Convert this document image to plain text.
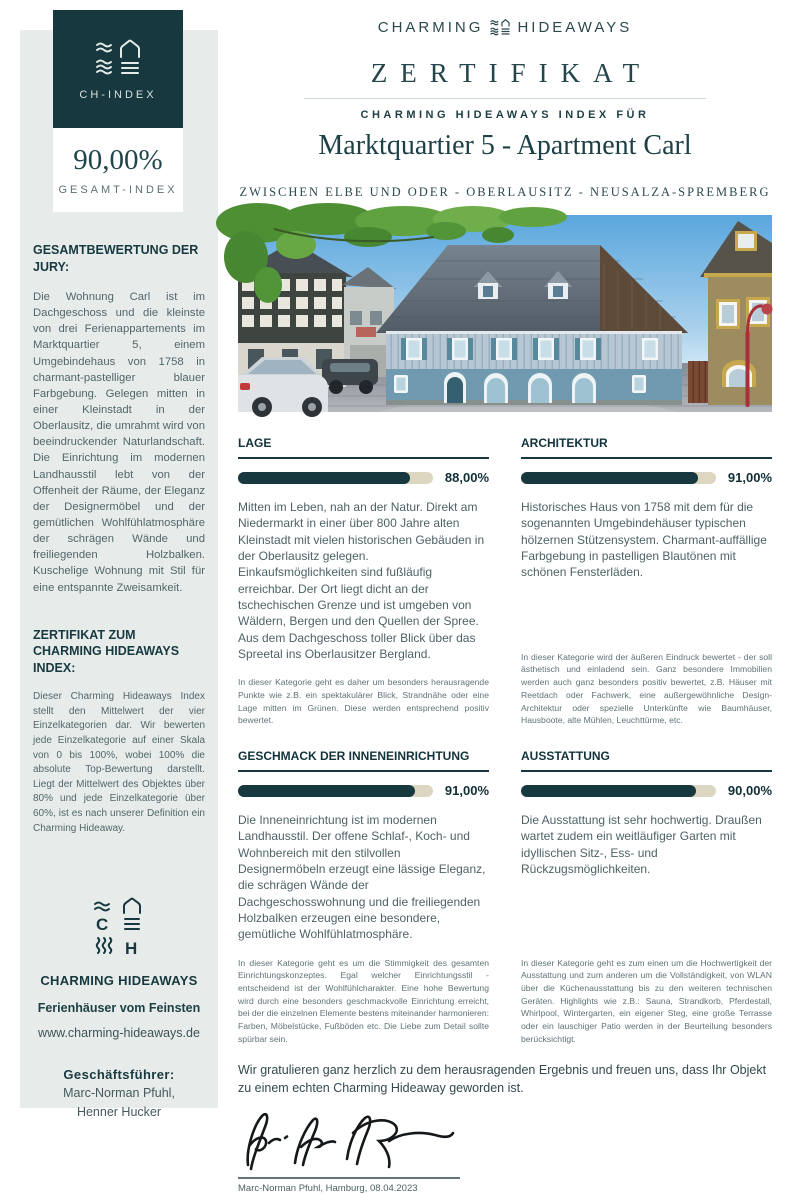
CH-INDEX
90,00%
GESAMT-INDEX
GESAMTBEWERTUNG DER JURY:
Die Wohnung Carl ist im Dachgeschoss und die kleinste von drei Ferienappartements im Marktquartier 5, einem Umgebindehaus von 1758 in charmant-pastelliger blauer Farbgebung. Gelegen mitten in einer Kleinstadt in der Oberlausitz, die umrahmt wird von beeindruckender Naturlandschaft. Die Einrichtung im modernen Landhausstil lebt von der Offenheit der Räume, der Eleganz der Designermöbel und der gemütlichen Wohlfühlatmosphäre der schrägen Wände und freiliegenden Holzbalken. Kuschelige Wohnung mit Stil für eine entspannte Zweisamkeit.
ZERTIFIKAT ZUM CHARMING HIDEAWAYS INDEX:
Dieser Charming Hideaways Index stellt den Mittelwert der vier Einzelkategorien dar. Wir bewerten jede Einzelkategorie auf einer Skala von 0 bis 100%, wobei 100% die absolute Top-Bewertung darstellt. Liegt der Mittelwert des Objektes über 80% und jede Einzelkategorie über 60%, ist es nach unserer Definition ein Charming Hideaway.
C
H
CHARMING HIDEAWAYS
Ferienhäuser vom Feinsten
www.charming-hideaways.de
Geschäftsführer:
Marc-Norman Pfuhl,
Henner Hucker
CHARMING HIDEAWAYS
ZERTIFIKAT
CHARMING HIDEAWAYS INDEX FÜR
Marktquartier 5 - Apartment Carl
ZWISCHEN ELBE UND ODER - OBERLAUSITZ - NEUSALZA-SPREMBERG
LAGE
88,00%
Mitten im Leben, nah an der Natur. Direkt am Niedermarkt in einer über 800 Jahre alten Kleinstadt mit vielen historischen Gebäuden in der Oberlausitz gelegen. Einkaufsmöglichkeiten sind fußläufig erreichbar. Der Ort liegt dicht an der tschechischen Grenze und ist umgeben von Wäldern, Bergen und den Quellen der Spree. Aus dem Dachgeschoss toller Blick über das Spreetal ins Oberlausitzer Bergland.
In dieser Kategorie geht es daher um besonders herausragende Punkte wie z.B. ein spektakulärer Blick, Strandnähe oder eine Lage mitten im Grünen. Diese werden entsprechend positiv bewertet.
ARCHITEKTUR
91,00%
Historisches Haus von 1758 mit dem für die sogenannten Umgebindehäuser typischen hölzernen Stützensystem. Charmant-auffällige Farbgebung in pastelligen Blautönen mit schönen Fensterläden.
In dieser Kategorie wird der äußeren Eindruck bewertet - der soll ästhetisch und einladend sein. Ganz besondere Immobilien werden auch ganz besonders positiv bewertet, z.B. Häuser mit Reetdach oder Fachwerk, eine außergewöhnliche Design-Architektur oder spezielle Unterkünfte wie Baumhäuser, Hausboote, alte Mühlen, Leuchttürme, etc.
GESCHMACK DER INNENEINRICHTUNG
91,00%
Die Inneneinrichtung ist im modernen Landhausstil. Der offene Schlaf-, Koch- und Wohnbereich mit den stilvollen Designermöbeln erzeugt eine lässige Eleganz, die schrägen Wände der Dachgeschosswohnung und die freiliegenden Holzbalken erzeugen eine besondere, gemütliche Wohlfühlatmosphäre.
In dieser Kategorie geht es um die Stimmigkeit des gesamten Einrichtungskonzeptes. Egal welcher Einrichtungsstil - entscheidend ist der Wohlfühlcharakter. Eine hohe Bewertung wird durch eine besonders geschmackvolle Einrichtung erreicht, bei der die einzelnen Elemente bestens miteinander harmonieren: Farben, Möbelstücke, Fußböden etc. Die Liebe zum Detail sollte spürbar sein.
AUSSTATTUNG
90,00%
Die Ausstattung ist sehr hochwertig. Draußen wartet zudem ein weitläufiger Garten mit idyllischen Sitz-, Ess- und Rückzugsmöglichkeiten.
In dieser Kategorie geht es zum einen um die Hochwertigkeit der Ausstattung und zum anderen um die Vollständigkeit, von WLAN über die Küchenausstattung bis zu den weiteren technischen Geräten. Highlights wie z.B.: Sauna, Strandkorb, Pferdestall, Whirlpool, Wintergarten, ein eigener Steg, eine große Terrasse oder ein lauschiger Patio werden in der Beurteilung besonders berücksichtigt.

Wir gratulieren ganz herzlich zu dem herausragenden Ergebnis und freuen uns, dass Ihr Objekt zu einem echten Charming Hideaway geworden ist.

Marc-Norman Pfuhl, Hamburg, 08.04.2023
